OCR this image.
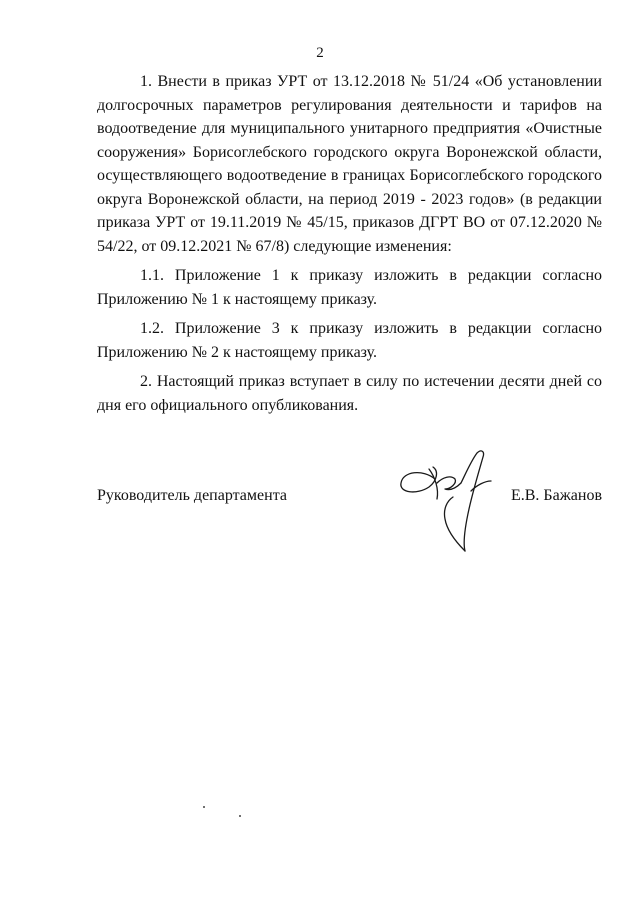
2

1. Внести в приказ УРТ от 13.12.2018 № 51/24 «Об установлении долгосрочных параметров регулирования деятельности и тарифов на водоотведение для муниципального унитарного предприятия «Очистные сооружения» Борисоглебского городского округа Воронежской области, осуществляющего водоотведение в границах Борисоглебского городского округа Воронежской области, на период 2019 - 2023 годов» (в редакции приказа УРТ от 19.11.2019 № 45/15, приказов ДГРТ ВО от 07.12.2020 № 54/22, от 09.12.2021 № 67/8) следующие изменения:

1.1. Приложение 1 к приказу изложить в редакции согласно Приложению № 1 к настоящему приказу.

1.2. Приложение 3 к приказу изложить в редакции согласно Приложению № 2 к настоящему приказу.

2. Настоящий приказ вступает в силу по истечении десяти дней со дня его официального опубликования.

Руководитель департамента	Е.В. Бажанов
